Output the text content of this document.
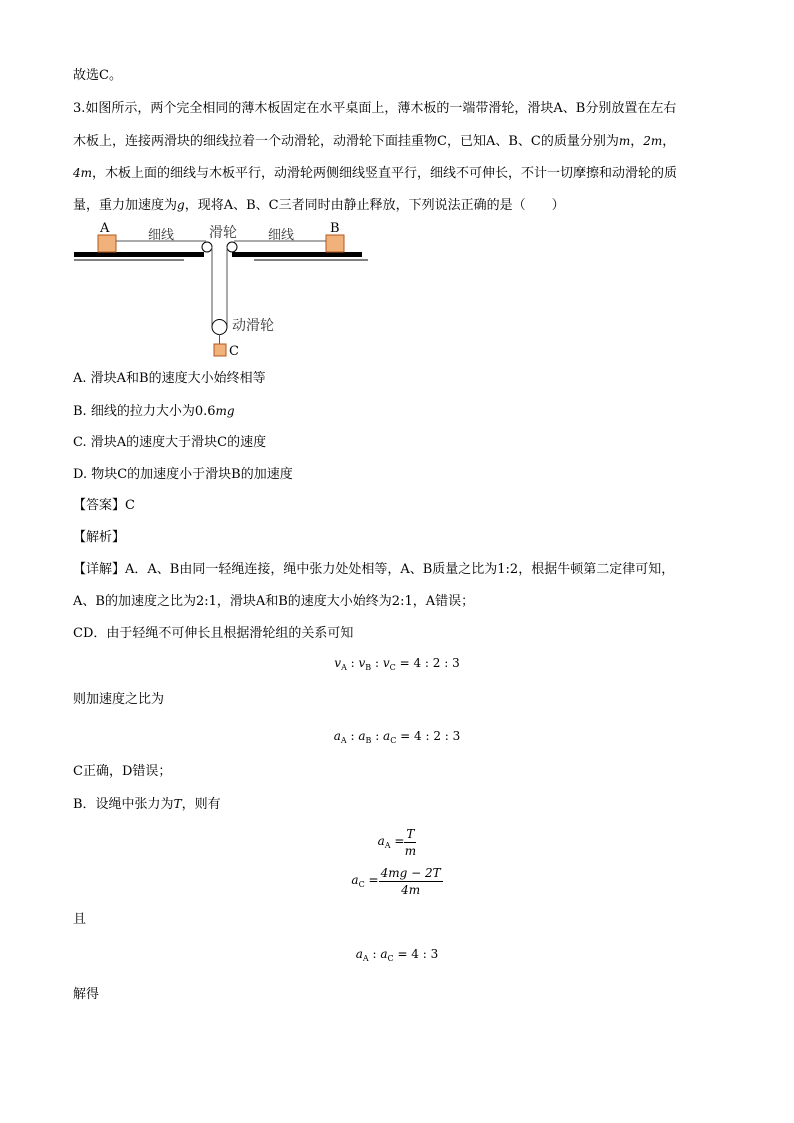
故选C。
3.如图所示，两个完全相同的薄木板固定在水平桌面上，薄木板的一端带滑轮，滑块A、B分别放置在左右
木板上，连接两滑块的细线拉着一个动滑轮，动滑轮下面挂重物C，已知A、B、C的质量分别为m，2m，
4m，木板上面的细线与木板平行，动滑轮两侧细线竖直平行，细线不可伸长，不计一切摩擦和动滑轮的质
量，重力加速度为g，现将A、B、C三者同时由静止释放，下列说法正确的是（　　）
A	B
细线	细线
滑轮
动滑轮
C
A. 滑块A和B的速度大小始终相等
B. 细线的拉力大小为0.6mg
C. 滑块A的速度大于滑块C的速度
D. 物块C的加速度小于滑块B的加速度
【答案】C
【解析】
【详解】A．A、B由同一轻绳连接，绳中张力处处相等，A、B质量之比为1:2，根据牛顿第二定律可知，
A、B的加速度之比为2:1，滑块A和B的速度大小始终为2:1，A错误；
CD．由于轻绳不可伸长且根据滑轮组的关系可知
$v_A$ : $v_B$ : $v_C = 4$ : 2 : 3
则加速度之比为
$a_A$ : $a_B$ : $a_C = 4$ : 2 : 3
C正确，D错误；
B．设绳中张力为T，则有
$a_A = \frac{T}{m}$
$a_C = \frac{4mg - 2T}{4m}$
且
$a_A$ : $a_C = 4$ : 3
解得
